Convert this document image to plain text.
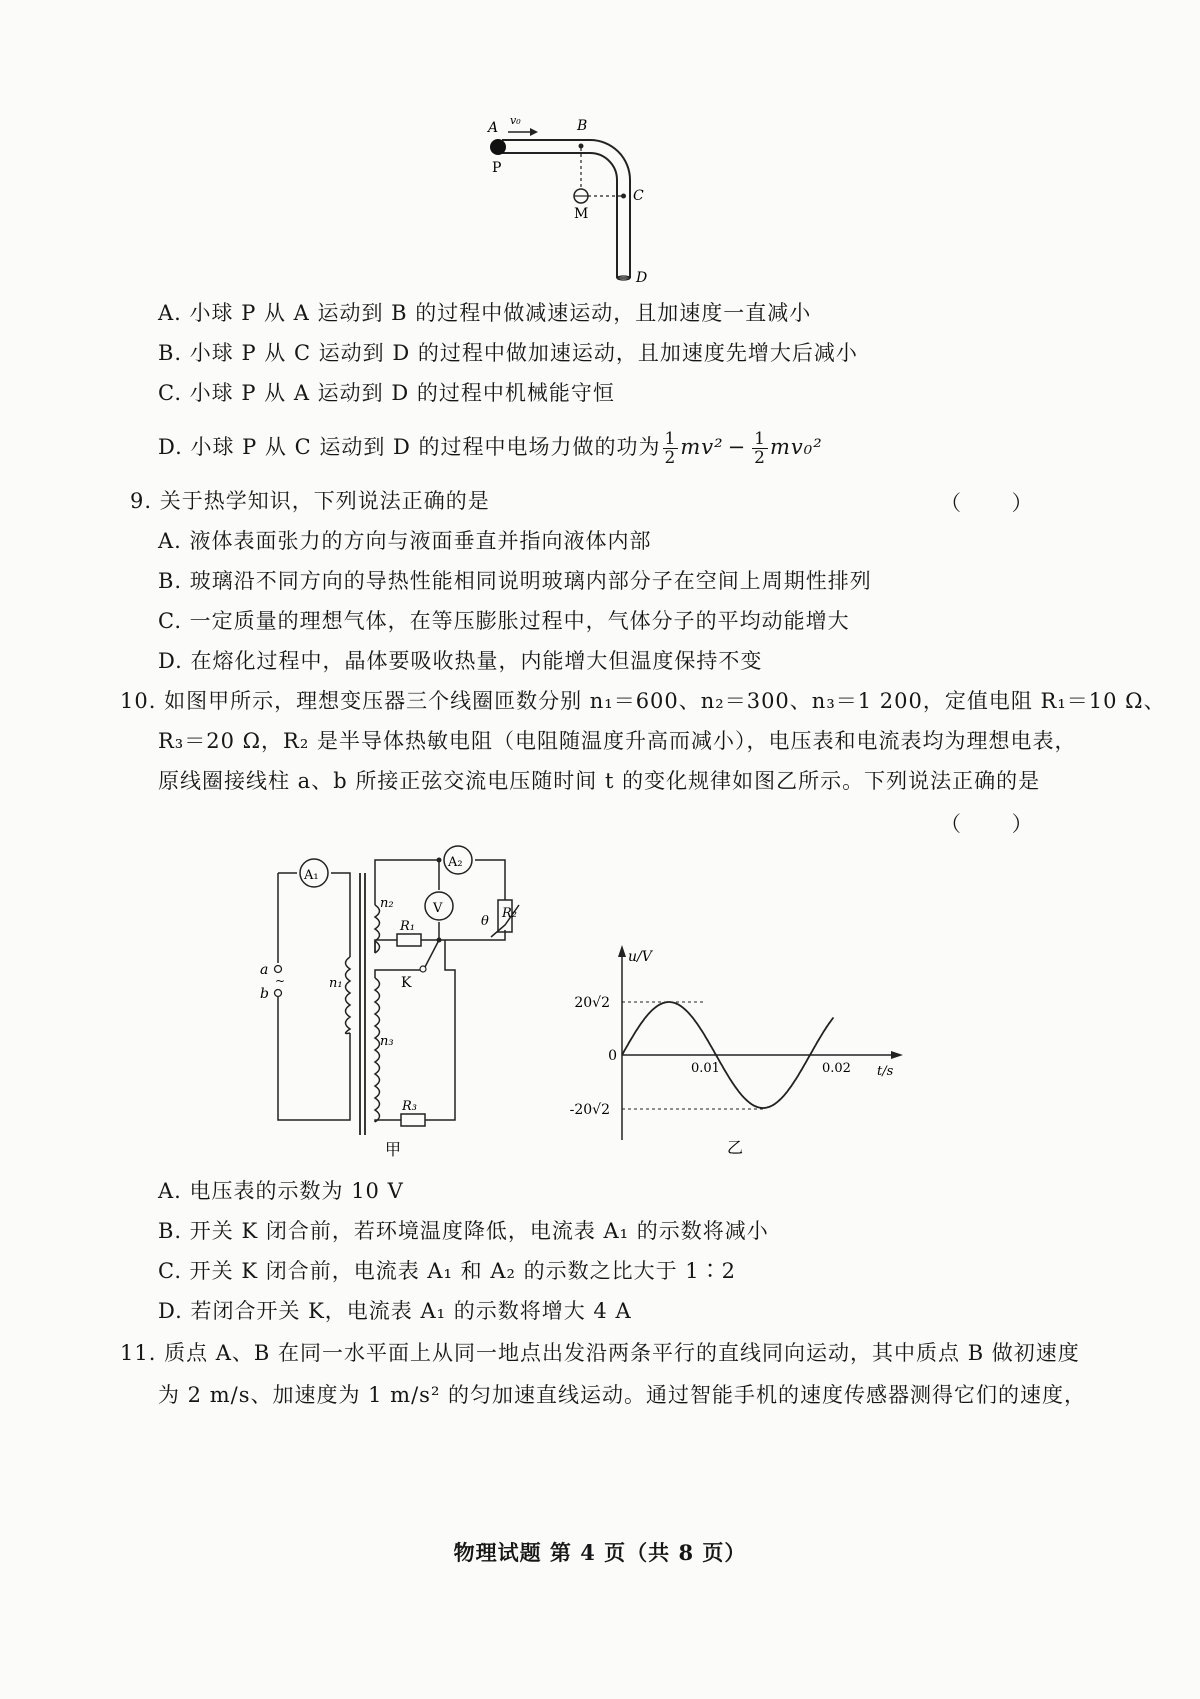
A v₀	B
P
C
M
D
A. 小球 P 从 A 运动到 B 的过程中做减速运动，且加速度一直减小
B. 小球 P 从 C 运动到 D 的过程中做加速运动，且加速度先增大后减小
C. 小球 P 从 A 运动到 D 的过程中机械能守恒
D. 小球 P 从 C 运动到 D 的过程中电场力做的功为 $\frac{1}{2} mv^2 - \frac{1}{2} mv_0^2$
9. 关于热学知识，下列说法正确的是	（ ）
A. 液体表面张力的方向与液面垂直并指向液体内部
B. 玻璃沿不同方向的导热性能相同说明玻璃内部分子在空间上周期性排列
C. 一定质量的理想气体，在等压膨胀过程中，气体分子的平均动能增大
D. 在熔化过程中，晶体要吸收热量，内能增大但温度保持不变
10. 如图甲所示，理想变压器三个线圈匝数分别 n₁＝600、n₂＝300、n₃＝1 200，定值电阻 R₁＝10 Ω、
R₃＝20 Ω，R₂ 是半导体热敏电阻（电阻随温度升高而减小），电压表和电流表均为理想电表，
原线圈接线柱 a、b 所接正弦交流电压随时间 t 的变化规律如图乙所示。下列说法正确的是
（ ）
A₁
A₂
V
n₂
n₁
n₃
R₁
R₂
θ
R₃
K
a
~
b
甲
u/V
t/s
20√2
0
-20√2
0.01	0.02
乙
A. 电压表的示数为 10 V
B. 开关 K 闭合前，若环境温度降低，电流表 A₁ 的示数将减小
C. 开关 K 闭合前，电流表 A₁ 和 A₂ 的示数之比大于 1∶2
D. 若闭合开关 K，电流表 A₁ 的示数将增大 4 A
11. 质点 A、B 在同一水平面上从同一地点出发沿两条平行的直线同向运动，其中质点 B 做初速度
为 2 m/s、加速度为 1 m/s² 的匀加速直线运动。通过智能手机的速度传感器测得它们的速度，
物理试题 第 4 页（共 8 页）
